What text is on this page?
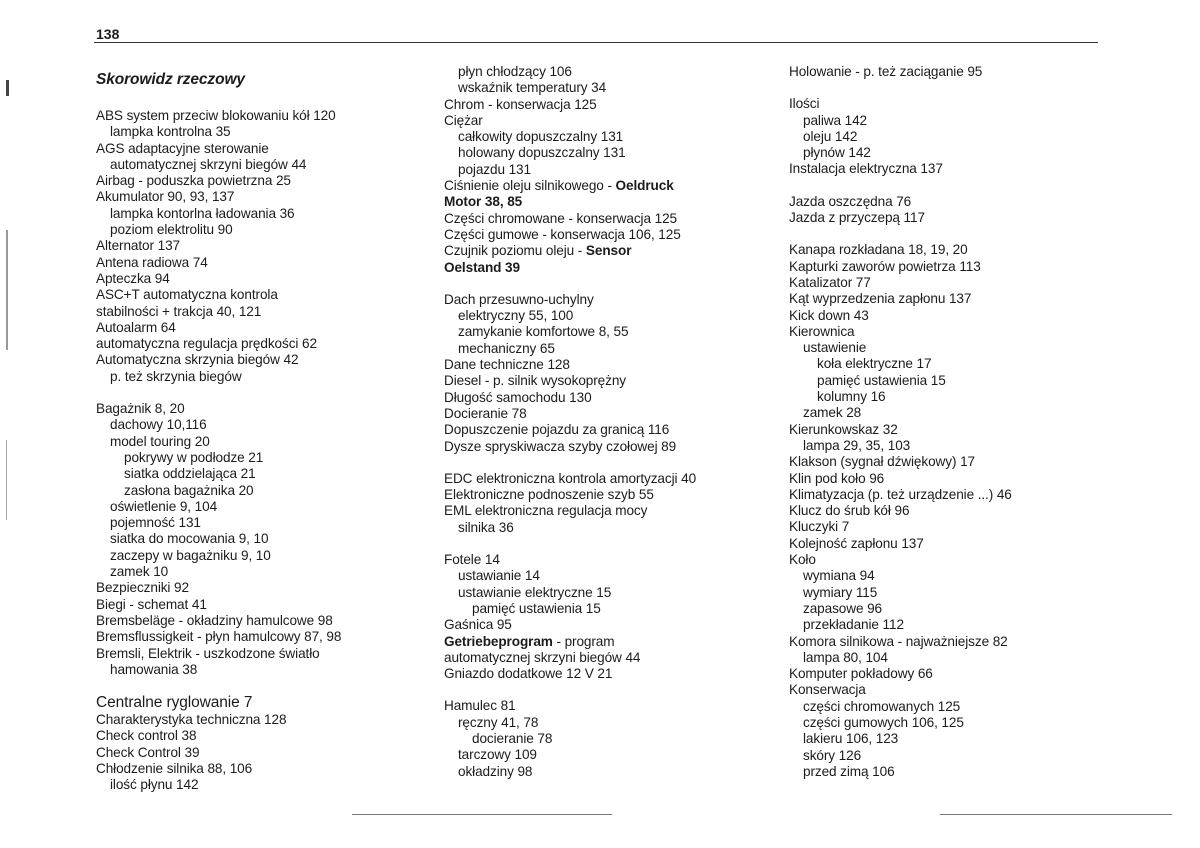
138
Skorowidz rzeczowy
ABS system przeciw blokowaniu kół 120
lampka kontrolna 35
AGS adaptacyjne sterowanie
automatycznej skrzyni biegów 44
Airbag - poduszka powietrzna 25
Akumulator 90, 93, 137
lampka kontorlna ładowania 36
poziom elektrolitu 90
Alternator 137
Antena radiowa 74
Apteczka 94
ASC+T automatyczna kontrola
stabilności + trakcja 40, 121
Autoalarm 64
automatyczna regulacja prędkości 62
Automatyczna skrzynia biegów 42
p. też skrzynia biegów
Bagażnik 8, 20
dachowy 10,116
model touring 20
pokrywy w podłodze 21
siatka oddzielająca 21
zasłona bagażnika 20
oświetlenie 9, 104
pojemność 131
siatka do mocowania 9, 10
zaczepy w bagażniku 9, 10
zamek 10
Bezpieczniki 92
Biegi - schemat 41
Bremsbeläge - okładziny hamulcowe 98
Bremsflussigkeit - płyn hamulcowy 87, 98
Bremsli, Elektrik - uszkodzone światło
hamowania 38
Centralne ryglowanie 7
Charakterystyka techniczna 128
Check control 38
Check Control 39
Chłodzenie silnika 88, 106
ilość płynu 142
płyn chłodzący 106
wskaźnik temperatury 34
Chrom - konserwacja 125
Ciężar
całkowity dopuszczalny 131
holowany dopuszczalny 131
pojazdu 131
Ciśnienie oleju silnikowego - Oeldruck
Motor 38, 85
Części chromowane - konserwacja 125
Części gumowe - konserwacja 106, 125
Czujnik poziomu oleju - Sensor
Oelstand 39
Dach przesuwno-uchylny
elektryczny 55, 100
zamykanie komfortowe 8, 55
mechaniczny 65
Dane techniczne 128
Diesel - p. silnik wysokoprężny
Długość samochodu 130
Docieranie 78
Dopuszczenie pojazdu za granicą 116
Dysze spryskiwacza szyby czołowej 89
EDC elektroniczna kontrola amortyzacji 40
Elektroniczne podnoszenie szyb 55
EML elektroniczna regulacja mocy
silnika 36
Fotele 14
ustawianie 14
ustawianie elektryczne 15
pamięć ustawienia 15
Gaśnica 95
Getriebeprogram - program
automatycznej skrzyni biegów 44
Gniazdo dodatkowe 12 V 21
Hamulec 81
ręczny 41, 78
docieranie 78
tarczowy 109
okładziny 98
Holowanie - p. też zaciąganie 95
Ilości
paliwa 142
oleju 142
płynów 142
Instalacja elektryczna 137
Jazda oszczędna 76
Jazda z przyczepą 117
Kanapa rozkładana 18, 19, 20
Kapturki zaworów powietrza 113
Katalizator 77
Kąt wyprzedzenia zapłonu 137
Kick down 43
Kierownica
ustawienie
koła elektryczne 17
pamięć ustawienia 15
kolumny 16
zamek 28
Kierunkowskaz 32
lampa 29, 35, 103
Klakson (sygnał dźwiękowy) 17
Klin pod koło 96
Klimatyzacja (p. też urządzenie ...) 46
Klucz do śrub kół 96
Kluczyki 7
Kolejność zapłonu 137
Koło
wymiana 94
wymiary 115
zapasowe 96
przekładanie 112
Komora silnikowa - najważniejsze 82
lampa 80, 104
Komputer pokładowy 66
Konserwacja
części chromowanych 125
części gumowych 106, 125
lakieru 106, 123
skóry 126
przed zimą 106
